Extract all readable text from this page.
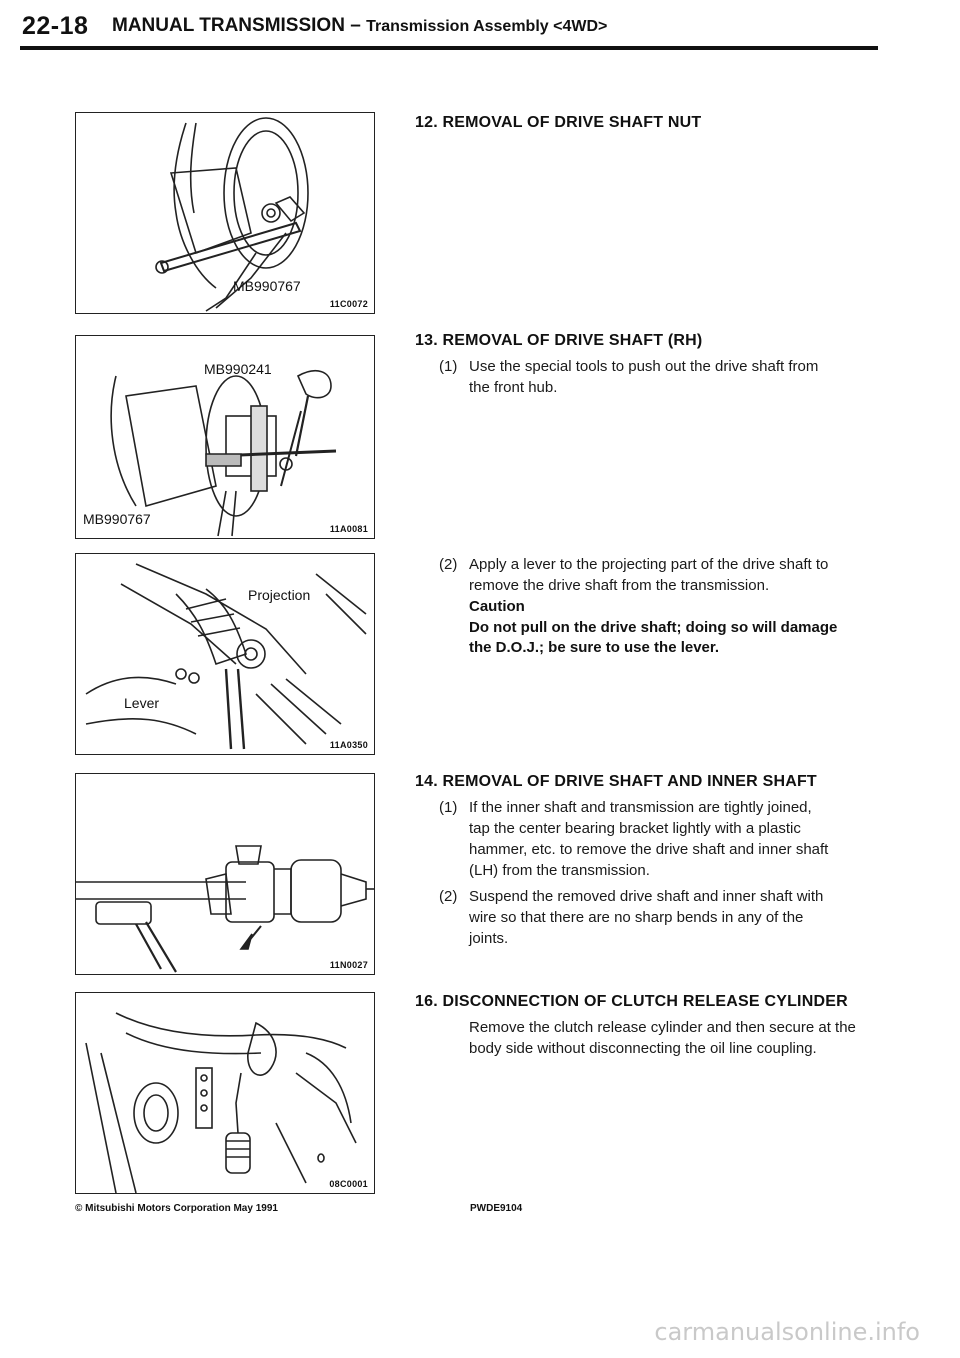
22-18 MANUAL TRANSMISSION – Transmission Assembly <4WD>
MB990767
11C0072
MB990241
MB990767
11A0081
Projection
Lever
11A0350
11N0027
08C0001
12. REMOVAL OF DRIVE SHAFT NUT
13. REMOVAL OF DRIVE SHAFT (RH)
(1) Use the special tools to push out the drive shaft from
the front hub.
(2) Apply a lever to the projecting part of the drive shaft to
remove the drive shaft from the transmission.
Caution
Do not pull on the drive shaft; doing so will damage
the D.O.J.; be sure to use the lever.
14. REMOVAL OF DRIVE SHAFT AND INNER SHAFT
(1) If the inner shaft and transmission are tightly joined,
tap the center bearing bracket lightly with a plastic
hammer, etc. to remove the drive shaft and inner shaft
(LH) from the transmission.
(2) Suspend the removed drive shaft and inner shaft with
wire so that there are no sharp bends in any of the
joints.
16. DISCONNECTION OF CLUTCH RELEASE CYLINDER
Remove the clutch release cylinder and then secure at the
body side without disconnecting the oil line coupling.
© Mitsubishi Motors Corporation May 1991	PWDE9104
carmanualsonline.info
